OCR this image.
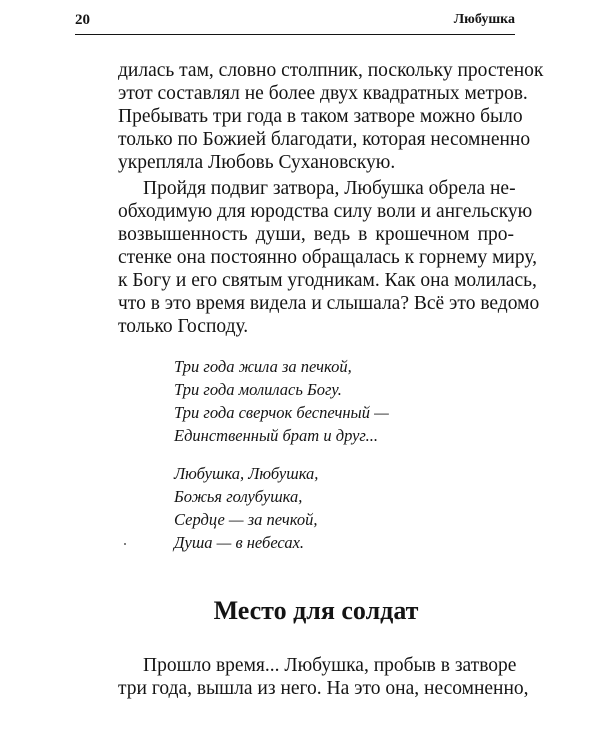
20	Любушка
дилась там, словно столпник, поскольку простенок
этот составлял не более двух квадратных метров.
Пребывать три года в таком затворе можно было
только по Божией благодати, которая несомненно
укрепляла Любовь Сухановскую.
Пройдя подвиг затвора, Любушка обрела не-
обходимую для юродства силу воли и ангельскую
возвышенность души, ведь в крошечном про-
стенке она постоянно обращалась к горнему миру,
к Богу и его святым угодникам. Как она молилась,
что в это время видела и слышала? Всё это ведомо
только Господу.
Три года жила за печкой,
Три года молилась Богу.
Три года сверчок беспечный —
Единственный брат и друг...
Любушка, Любушка,
Божья голубушка,
Сердце — за печкой,
Душа — в небесах.
Место для солдат
Прошло время... Любушка, пробыв в затворе
три года, вышла из него. На это она, несомненно,
